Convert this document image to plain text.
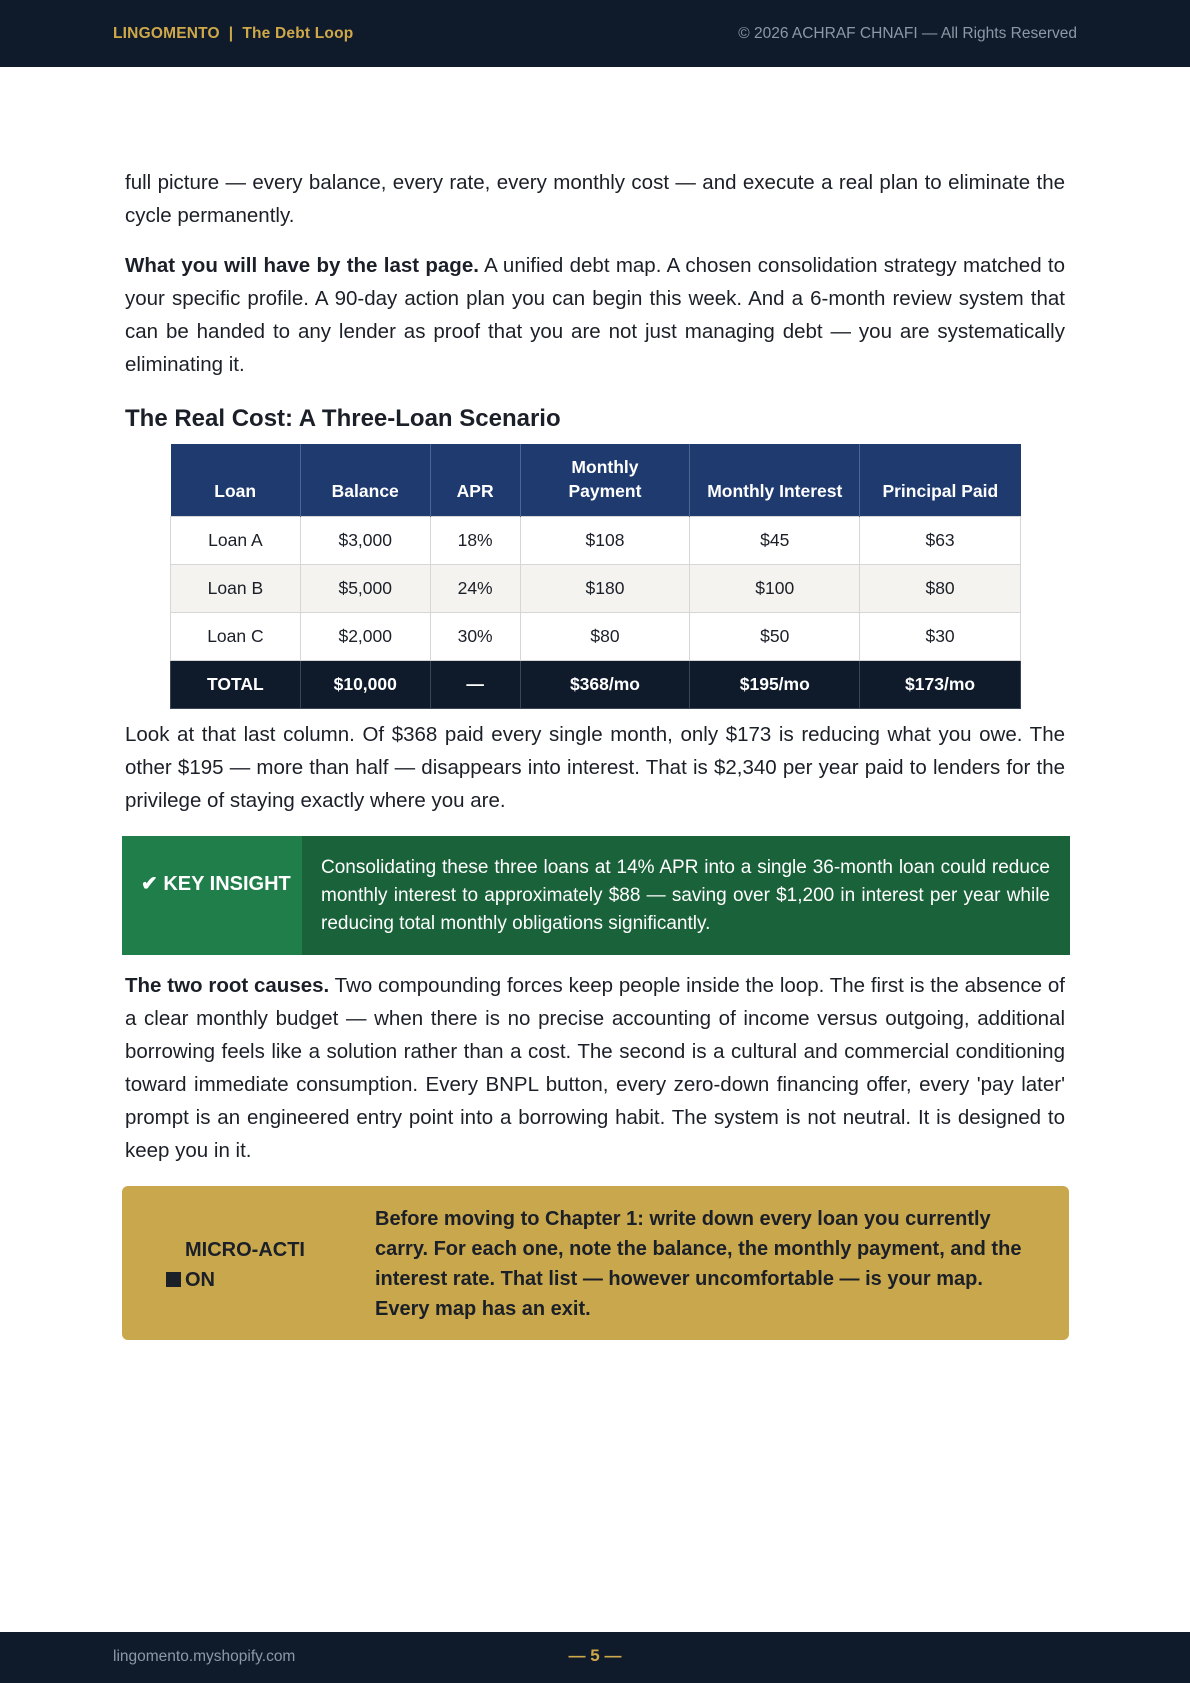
LINGOMENTO  |  The Debt Loop	© 2026 ACHRAF CHNAFI — All Rights Reserved

full picture — every balance, every rate, every monthly cost — and execute a real plan to eliminate the cycle permanently.

What you will have by the last page. A unified debt map. A chosen consolidation strategy matched to your specific profile. A 90-day action plan you can begin this week. And a 6-month review system that can be handed to any lender as proof that you are not just managing debt — you are systematically eliminating it.

The Real Cost: A Three-Loan Scenario
Loan	Balance	APR	Monthly Payment	Monthly Interest	Principal Paid
Loan A	$3,000	18%	$108	$45	$63
Loan B	$5,000	24%	$180	$100	$80
Loan C	$2,000	30%	$80	$50	$30
TOTAL	$10,000	—	$368/mo	$195/mo	$173/mo

Look at that last column. Of $368 paid every single month, only $173 is reducing what you owe. The other $195 — more than half — disappears into interest. That is $2,340 per year paid to lenders for the privilege of staying exactly where you are.

✔ KEY INSIGHT
Consolidating these three loans at 14% APR into a single 36-month loan could reduce monthly interest to approximately $88 — saving over $1,200 in interest per year while reducing total monthly obligations significantly.

The two root causes. Two compounding forces keep people inside the loop. The first is the absence of a clear monthly budget — when there is no precise accounting of income versus outgoing, additional borrowing feels like a solution rather than a cost. The second is a cultural and commercial conditioning toward immediate consumption. Every BNPL button, every zero-down financing offer, every 'pay later' prompt is an engineered entry point into a borrowing habit. The system is not neutral. It is designed to keep you in it.

MICRO-ACTION
Before moving to Chapter 1: write down every loan you currently carry. For each one, note the balance, the monthly payment, and the interest rate. That list — however uncomfortable — is your map. Every map has an exit.
lingomento.myshopify.com	— 5 —
